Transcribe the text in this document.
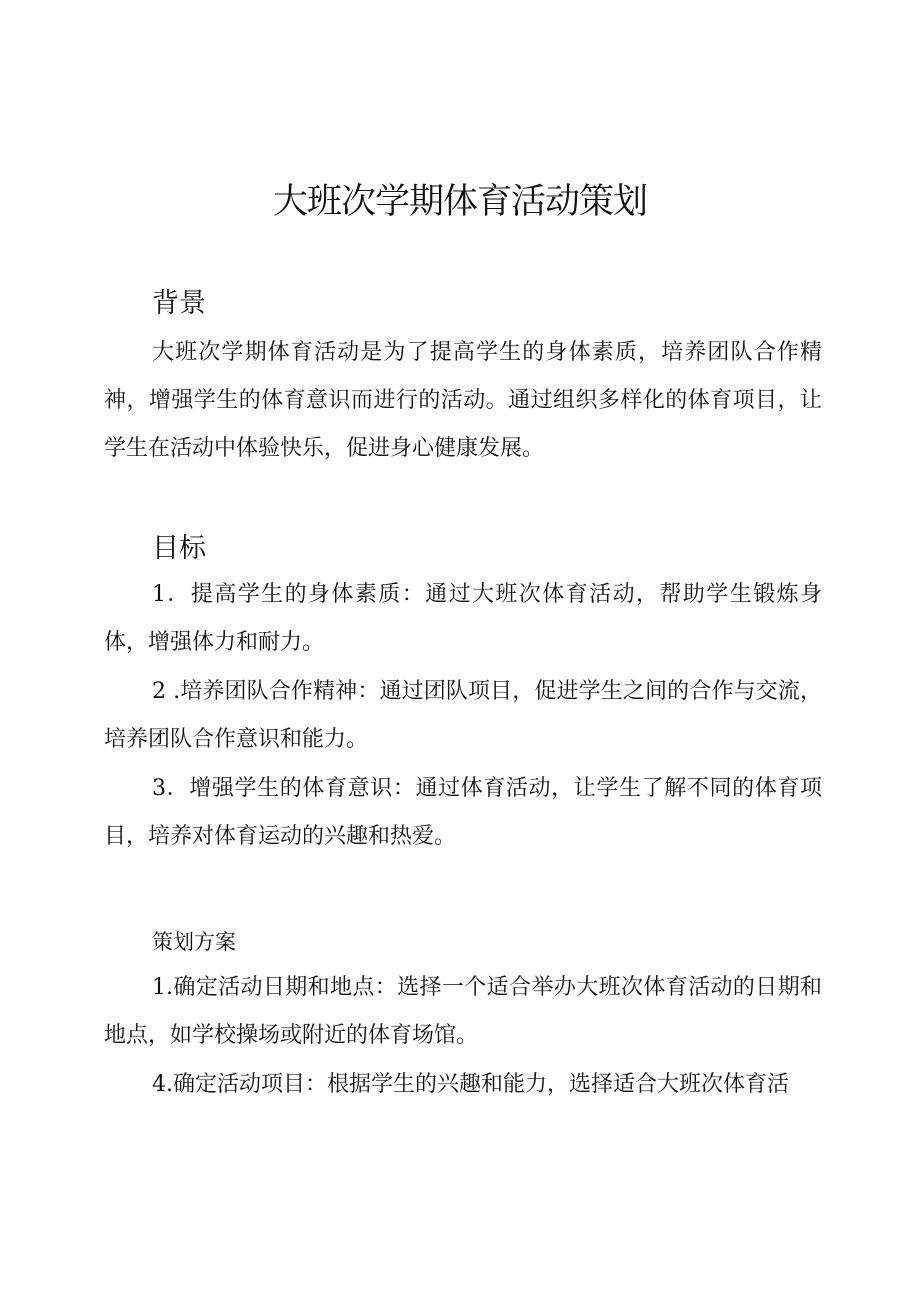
大班次学期体育活动策划
背景

大班次学期体育活动是为了提高学生的身体素质，培养团队合作精神，增强学生的体育意识而进行的活动。通过组织多样化的体育项目，让学生在活动中体验快乐，促进身心健康发展。

目标

1．提高学生的身体素质：通过大班次体育活动，帮助学生锻炼身体，增强体力和耐力。

2 .培养团队合作精神：通过团队项目，促进学生之间的合作与交流，培养团队合作意识和能力。

3．增强学生的体育意识：通过体育活动，让学生了解不同的体育项目，培养对体育运动的兴趣和热爱。

策划方案

1.确定活动日期和地点：选择一个适合举办大班次体育活动的日期和地点，如学校操场或附近的体育场馆。

4.确定活动项目：根据学生的兴趣和能力，选择适合大班次体育活
